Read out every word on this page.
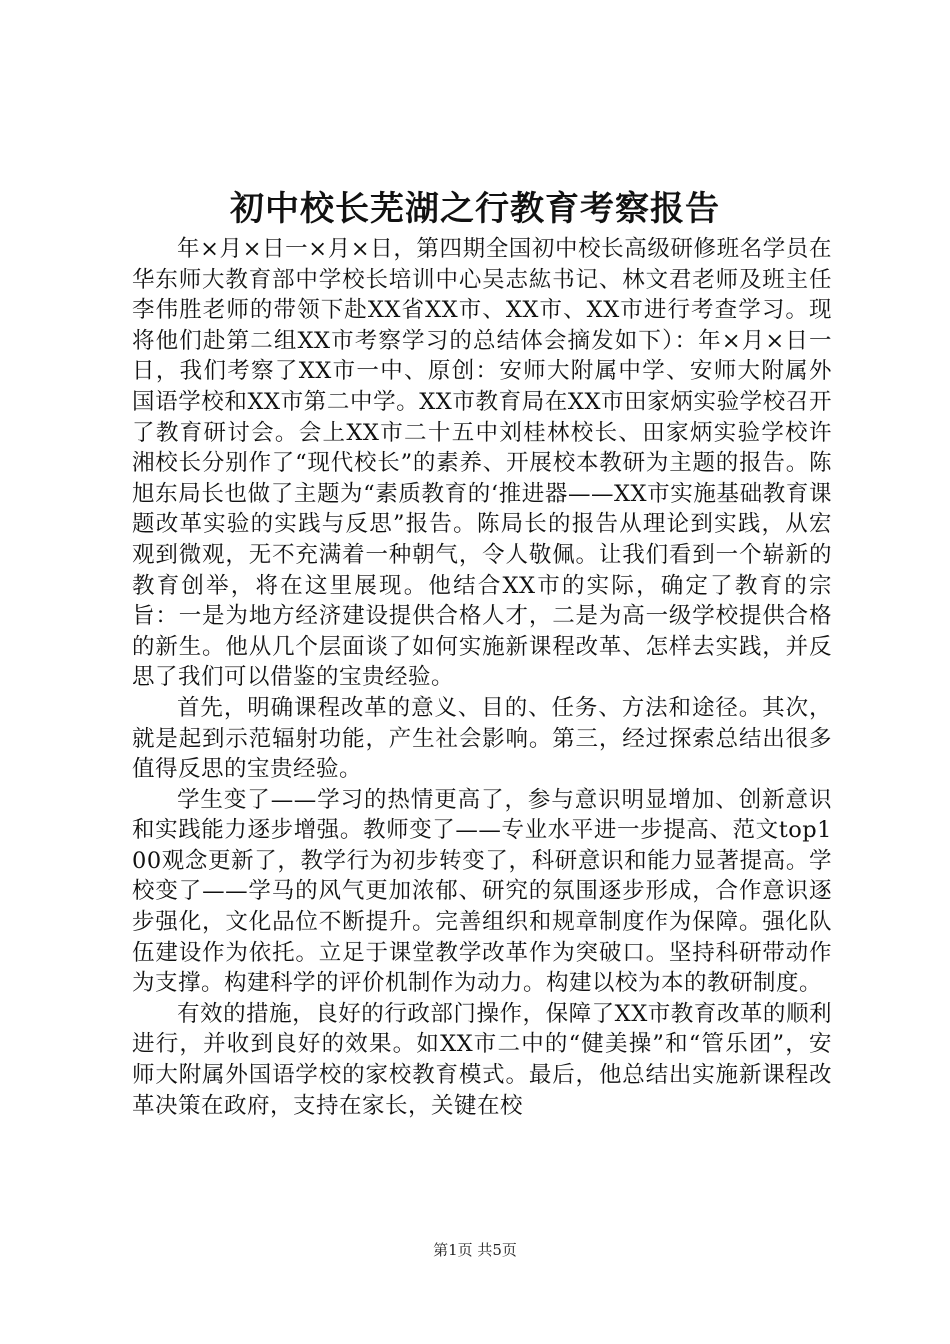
初中校长芜湖之行教育考察报告

年×月×日一×月×日，第四期全国初中校长高级研修班名学员在华东师大教育部中学校长培训中心吴志紘书记、林文君老师及班主任李伟胜老师的带领下赴XX省XX市、XX市、XX市进行考查学习。现将他们赴第二组XX市考察学习的总结体会摘发如下）：年×月×日一日，我们考察了XX市一中、原创：安师大附属中学、安师大附属外国语学校和XX市第二中学。XX市教育局在XX市田家炳实验学校召开了教育研讨会。会上XX市二十五中刘桂林校长、田家炳实验学校许湘校长分别作了“现代校长”的素养、开展校本教研为主题的报告。陈旭东局长也做了主题为“素质教育的‘推进器——XX市实施基础教育课题改革实验的实践与反思”报告。陈局长的报告从理论到实践，从宏观到微观，无不充满着一种朝气，令人敬佩。让我们看到一个崭新的教育创举，将在这里展现。他结合XX市的实际，确定了教育的宗旨：一是为地方经济建设提供合格人才，二是为高一级学校提供合格的新生。他从几个层面谈了如何实施新课程改革、怎样去实践，并反思了我们可以借鉴的宝贵经验。

首先，明确课程改革的意义、目的、任务、方法和途径。其次，就是起到示范辐射功能，产生社会影响。第三，经过探索总结出很多值得反思的宝贵经验。

学生变了——学习的热情更高了，参与意识明显增加、创新意识和实践能力逐步增强。教师变了——专业水平进一步提高、范文top100观念更新了，教学行为初步转变了，科研意识和能力显著提高。学校变了——学马的风气更加浓郁、研究的氛围逐步形成，合作意识逐步强化，文化品位不断提升。完善组织和规章制度作为保障。强化队伍建设作为依托。立足于课堂教学改革作为突破口。坚持科研带动作为支撑。构建科学的评价机制作为动力。构建以校为本的教研制度。

有效的措施，良好的行政部门操作，保障了XX市教育改革的顺利进行，并收到良好的效果。如XX市二中的“健美操”和“管乐团”，安师大附属外国语学校的家校教育模式。最后，他总结出实施新课程改革决策在政府，支持在家长，关键在校

第1页 共5页
